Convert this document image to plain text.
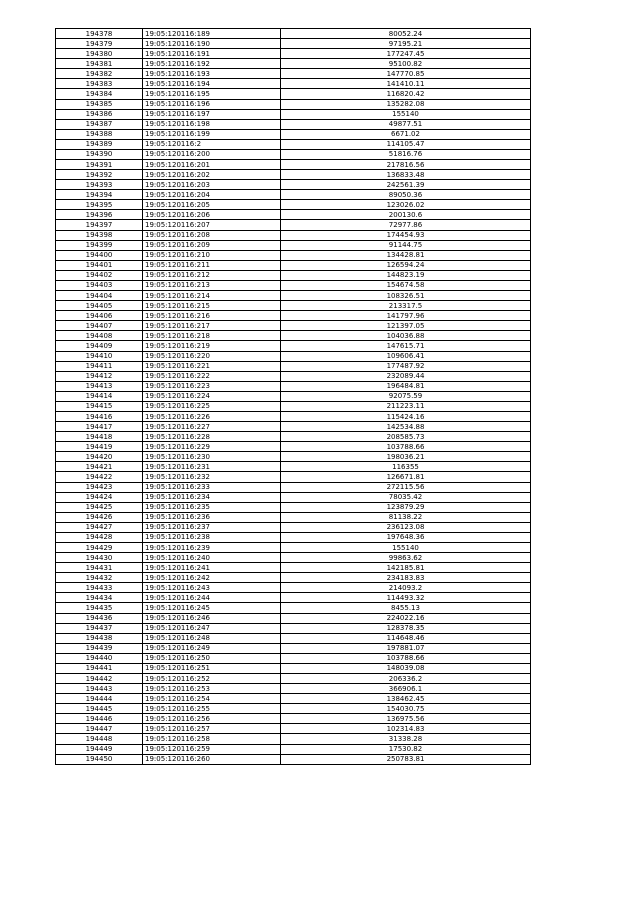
194378	19:05:120116:189	80052.24
194379	19:05:120116:190	97195.21
194380	19:05:120116:191	177247.45
194381	19:05:120116:192	95100.82
194382	19:05:120116:193	147770.85
194383	19:05:120116:194	141410.11
194384	19:05:120116:195	116820.42
194385	19:05:120116:196	135282.08
194386	19:05:120116:197	155140
194387	19:05:120116:198	49877.51
194388	19:05:120116:199	6671.02
194389	19:05:120116:2	114105.47
194390	19:05:120116:200	51816.76
194391	19:05:120116:201	217816.56
194392	19:05:120116:202	136833.48
194393	19:05:120116:203	242561.39
194394	19:05:120116:204	89050.36
194395	19:05:120116:205	123026.02
194396	19:05:120116:206	200130.6
194397	19:05:120116:207	72977.86
194398	19:05:120116:208	174454.93
194399	19:05:120116:209	91144.75
194400	19:05:120116:210	134428.81
194401	19:05:120116:211	126594.24
194402	19:05:120116:212	144823.19
194403	19:05:120116:213	154674.58
194404	19:05:120116:214	108326.51
194405	19:05:120116:215	213317.5
194406	19:05:120116:216	141797.96
194407	19:05:120116:217	121397.05
194408	19:05:120116:218	104036.88
194409	19:05:120116:219	147615.71
194410	19:05:120116:220	109606.41
194411	19:05:120116:221	177487.92
194412	19:05:120116:222	232089.44
194413	19:05:120116:223	196484.81
194414	19:05:120116:224	92075.59
194415	19:05:120116:225	211223.11
194416	19:05:120116:226	115424.16
194417	19:05:120116:227	142534.88
194418	19:05:120116:228	208585.73
194419	19:05:120116:229	103788.66
194420	19:05:120116:230	198036.21
194421	19:05:120116:231	116355
194422	19:05:120116:232	126671.81
194423	19:05:120116:233	272115.56
194424	19:05:120116:234	78035.42
194425	19:05:120116:235	123879.29
194426	19:05:120116:236	81138.22
194427	19:05:120116:237	236123.08
194428	19:05:120116:238	197648.36
194429	19:05:120116:239	155140
194430	19:05:120116:240	99863.62
194431	19:05:120116:241	142185.81
194432	19:05:120116:242	234183.83
194433	19:05:120116:243	214093.2
194434	19:05:120116:244	114493.32
194435	19:05:120116:245	8455.13
194436	19:05:120116:246	224022.16
194437	19:05:120116:247	128378.35
194438	19:05:120116:248	114648.46
194439	19:05:120116:249	197881.07
194440	19:05:120116:250	103788.66
194441	19:05:120116:251	148039.08
194442	19:05:120116:252	206336.2
194443	19:05:120116:253	366906.1
194444	19:05:120116:254	138462.45
194445	19:05:120116:255	154030.75
194446	19:05:120116:256	136975.56
194447	19:05:120116:257	102314.83
194448	19:05:120116:258	31338.28
194449	19:05:120116:259	17530.82
194450	19:05:120116:260	250783.81
